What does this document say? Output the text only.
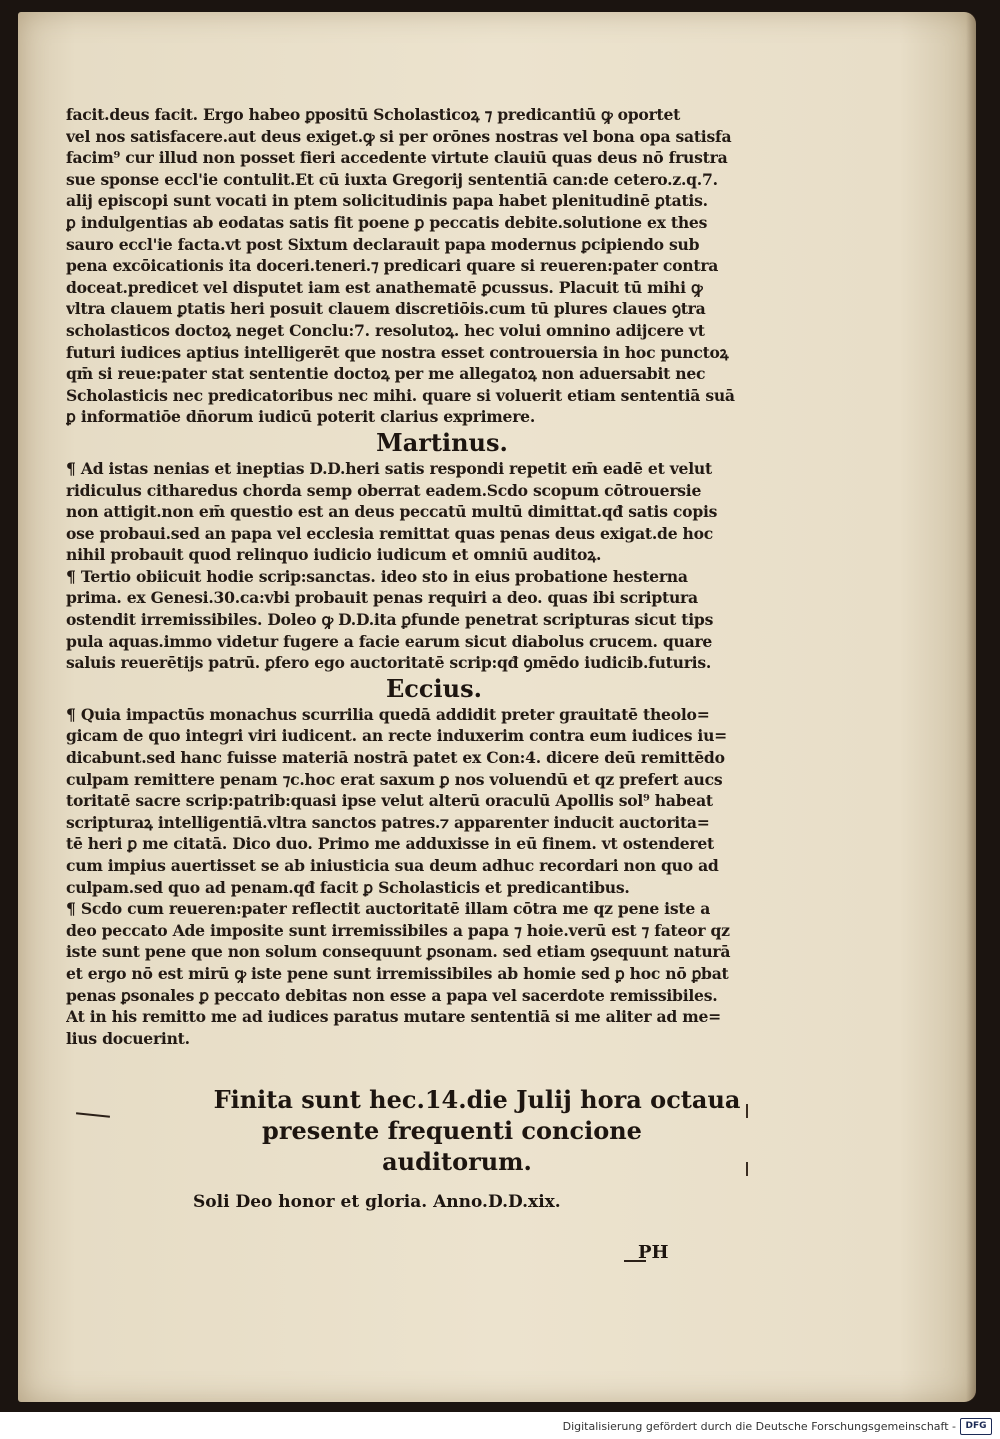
facit.deus facit. Ergo habeo ꝑpositū Scholasticoꝝ ⁊ predicantiū ꝙ oportet
vel nos satisfacere.aut deus exiget.ꝙ si per orōnes nostras vel bona opa satisfa
facim⁹ cur illud non posset fieri accedente virtute clauiū quas deus nō frustra
sue sponse eccl'ie contulit.Et cū iuxta Gregorij sententiā can:de cetero.z.q.7.
alij episcopi sunt vocati in ptem solicitudinis papa habet plenitudinē ꝑtatis.
ꝑ indulgentias ab eodatas satis fit poene ꝑ peccatis debite.solutione ex thes
sauro eccl'ie facta.vt post Sixtum declarauit papa modernus ꝑcipiendo sub
pena excōicationis ita doceri.teneri.⁊ predicari quare si reueren:pater contra
doceat.predicet vel disputet iam est anathematē ꝑcussus. Placuit tū mihi ꝙ
vltra clauem ꝑtatis heri posuit clauem discretiōis.cum tū plures claues ꝯtra
scholasticos doctoꝝ neget Conclu:7. resolutoꝝ. hec volui omnino adijcere vt
futuri iudices aptius intelligerēt que nostra esset controuersia in hoc punctoꝝ
qm̄ si reue:pater stat sententie doctoꝝ per me allegatoꝝ non aduersabit nec
Scholasticis nec predicatoribus nec mihi. quare si voluerit etiam sententiā suā
ꝑ informatiōe dn̄orum iudicū poterit clarius exprimere.
Martinus.
¶ Ad istas nenias et ineptias D.D.heri satis respondi repetit em̄ eadē et velut
ridiculus citharedus chorda semp oberrat eadem.Scdo scopum cōtrouersie
non attigit.non em̄ questio est an deus peccatū multū dimittat.qđ satis copis
ose probaui.sed an papa vel ecclesia remittat quas penas deus exigat.de hoc
nihil probauit quod relinquo iudicio iudicum et omniū auditoꝝ.
¶ Tertio obiicuit hodie scrip:sanctas. ideo sto in eius probatione hesterna
prima. ex Genesi.30.ca:vbi probauit penas requiri a deo. quas ibi scriptura
ostendit irremissibiles. Doleo ꝙ D.D.ita ꝑfunde penetrat scripturas sicut tips
pula aquas.immo videtur fugere a facie earum sicut diabolus crucem. quare
saluis reuerētijs patrū. ꝑfero ego auctoritatē scrip:qđ ꝯmēdo iudicib.futuris.
Eccius.
¶ Quia impactūs monachus scurrilia quedā addidit preter grauitatē theolo=
gicam de quo integri viri iudicent. an recte induxerim contra eum iudices iu=
dicabunt.sed hanc fuisse materiā nostrā patet ex Con:4. dicere deū remittēdo
culpam remittere penam ⁊c.hoc erat saxum ꝑ nos voluendū et qz prefert aucs
toritatē sacre scrip:patrib:quasi ipse velut alterū oraculū Apollis sol⁹ habeat
scripturaꝝ intelligentiā.vltra sanctos patres.⁊ apparenter inducit auctorita=
tē heri ꝑ me citatā. Dico duo. Primo me adduxisse in eū finem. vt ostenderet
cum impius auertisset se ab iniusticia sua deum adhuc recordari non quo ad
culpam.sed quo ad penam.qđ facit ꝑ Scholasticis et predicantibus.
¶ Scdo cum reueren:pater reflectit auctoritatē illam cōtra me qz pene iste a
deo peccato Ade imposite sunt irremissibiles a papa ⁊ hoie.verū est ⁊ fateor qz
iste sunt pene que non solum consequunt ꝑsonam. sed etiam ꝯsequunt naturā
et ergo nō est mirū ꝙ iste pene sunt irremissibiles ab homie sed ꝑ hoc nō ꝑbat
penas ꝑsonales ꝑ peccato debitas non esse a papa vel sacerdote remissibiles.
At in his remitto me ad iudices paratus mutare sententiā si me aliter ad me=
lius docuerint.
Finita sunt hec.14.die Julij hora octaua
presente frequenti concione
auditorum.
Soli Deo honor et gloria. Anno.D.D.xix.
PH
Digitalisierung gefördert durch die Deutsche Forschungsgemeinschaft -	DFG
